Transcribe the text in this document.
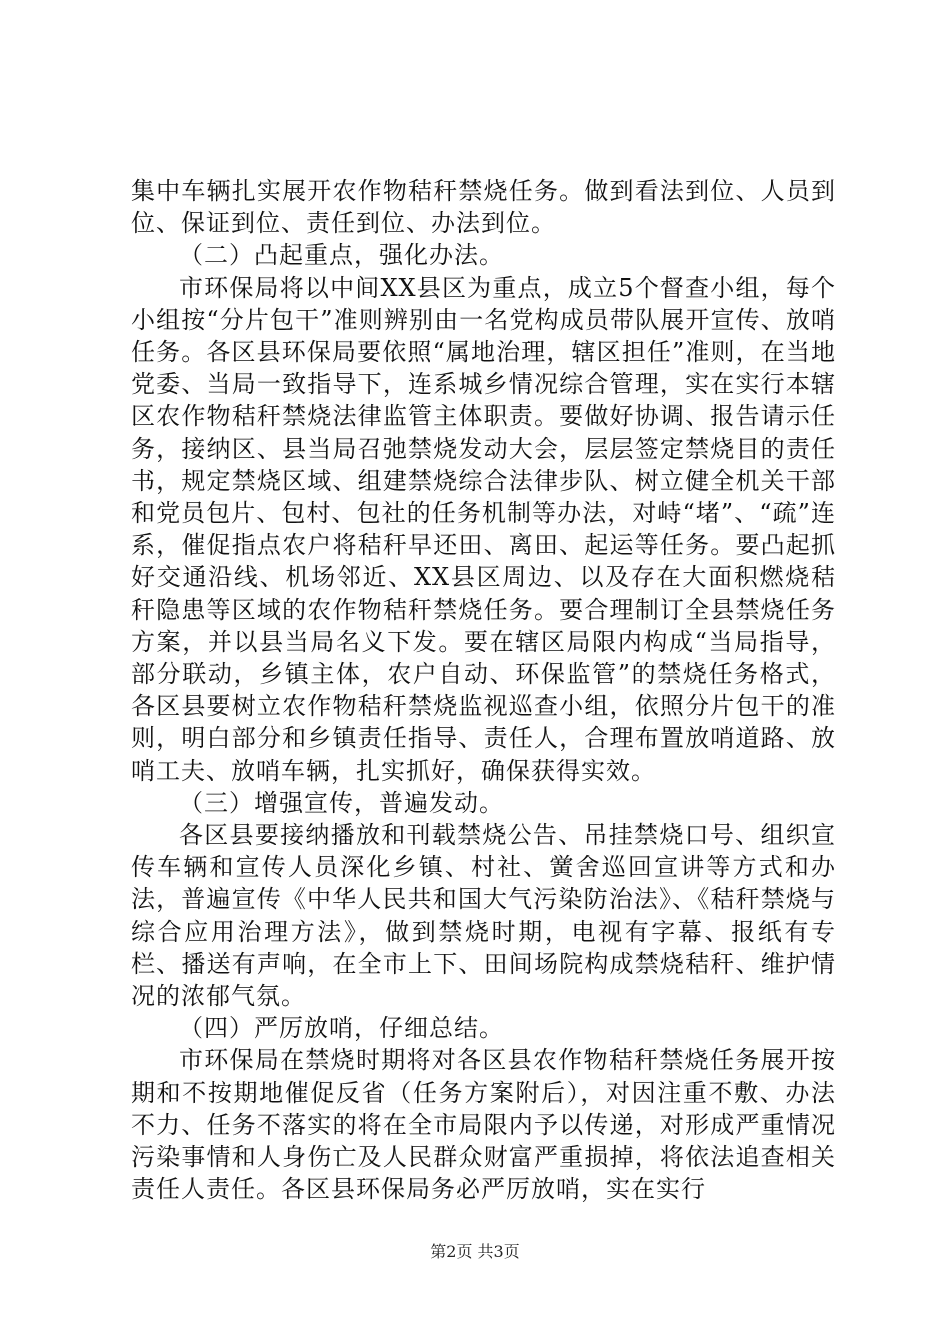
集中车辆扎实展开农作物秸秆禁烧任务。做到看法到位、人员到位、保证到位、责任到位、办法到位。

（二）凸起重点，强化办法。

市环保局将以中间XX县区为重点，成立5个督查小组，每个小组按“分片包干”准则辨别由一名党构成员带队展开宣传、放哨任务。各区县环保局要依照“属地治理，辖区担任”准则，在当地党委、当局一致指导下，连系城乡情况综合管理，实在实行本辖区农作物秸秆禁烧法律监管主体职责。要做好协调、报告请示任务，接纳区、县当局召弛禁烧发动大会，层层签定禁烧目的责任书，规定禁烧区域、组建禁烧综合法律步队、树立健全机关干部和党员包片、包村、包社的任务机制等办法，对峙“堵”、“疏”连系，催促指点农户将秸秆早还田、离田、起运等任务。要凸起抓好交通沿线、机场邻近、XX县区周边、以及存在大面积燃烧秸秆隐患等区域的农作物秸秆禁烧任务。要合理制订全县禁烧任务方案，并以县当局名义下发。要在辖区局限内构成“当局指导，部分联动，乡镇主体，农户自动、环保监管”的禁烧任务格式，各区县要树立农作物秸秆禁烧监视巡查小组，依照分片包干的准则，明白部分和乡镇责任指导、责任人，合理布置放哨道路、放哨工夫、放哨车辆，扎实抓好，确保获得实效。

（三）增强宣传，普遍发动。

各区县要接纳播放和刊载禁烧公告、吊挂禁烧口号、组织宣传车辆和宣传人员深化乡镇、村社、黉舍巡回宣讲等方式和办法，普遍宣传《中华人民共和国大气污染防治法》、《秸秆禁烧与综合应用治理方法》，做到禁烧时期，电视有字幕、报纸有专栏、播送有声响，在全市上下、田间场院构成禁烧秸秆、维护情况的浓郁气氛。

（四）严厉放哨，仔细总结。

市环保局在禁烧时期将对各区县农作物秸秆禁烧任务展开按期和不按期地催促反省（任务方案附后），对因注重不敷、办法不力、任务不落实的将在全市局限内予以传递，对形成严重情况污染事情和人身伤亡及人民群众财富严重损掉，将依法追查相关责任人责任。各区县环保局务必严厉放哨，实在实行

第2页 共3页
